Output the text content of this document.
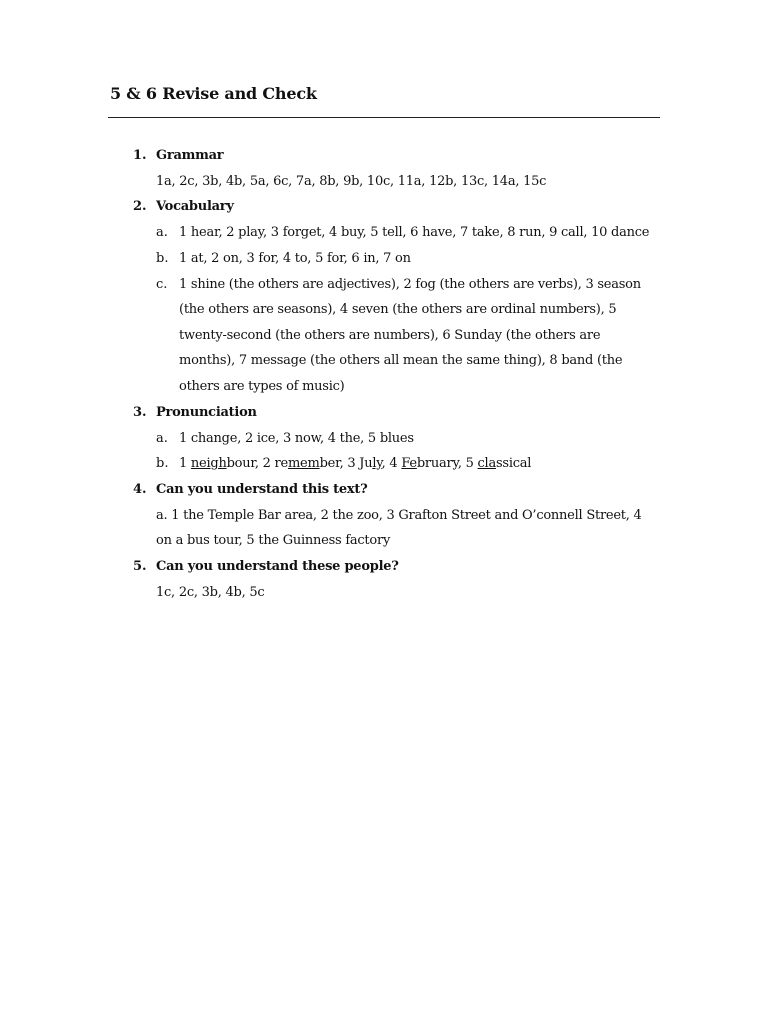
5 & 6 Revise and Check
1. Grammar
1a, 2c, 3b, 4b, 5a, 6c, 7a, 8b, 9b, 10c, 11a, 12b, 13c, 14a, 15c
2. Vocabulary
a. 1 hear, 2 play, 3 forget, 4 buy, 5 tell, 6 have, 7 take, 8 run, 9 call, 10 dance
b. 1 at, 2 on, 3 for, 4 to, 5 for, 6 in, 7 on
c. 1 shine (the others are adjectives), 2 fog (the others are verbs), 3 season
(the others are seasons), 4 seven (the others are ordinal numbers), 5
twenty-second (the others are numbers), 6 Sunday (the others are
months), 7 message (the others all mean the same thing), 8 band (the
others are types of music)
3. Pronunciation
a. 1 change, 2 ice, 3 now, 4 the, 5 blues
b. 1 neighbour, 2 remember, 3 July, 4 February, 5 classical
4. Can you understand this text?
a. 1 the Temple Bar area, 2 the zoo, 3 Grafton Street and O’connell Street, 4
on a bus tour, 5 the Guinness factory
5. Can you understand these people?
1c, 2c, 3b, 4b, 5c
